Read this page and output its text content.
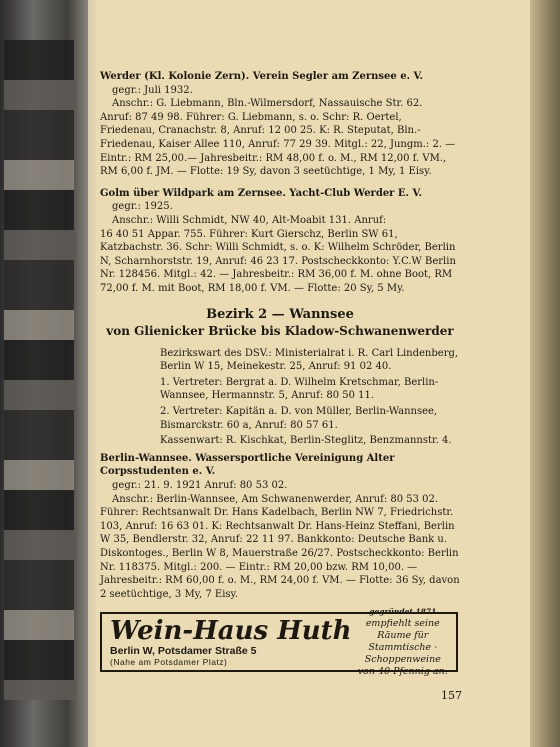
Werder (Kl. Kolonie Zern). Verein Segler am Zernsee e. V.

gegr.: Juli 1932.

Anschr.: G. Liebmann, Bln.-Wilmersdorf, Nassauische Str. 62.

Anruf: 87 49 98. Führer: G. Liebmann, s. o. Schr: R. Oertel, Friedenau, Cranachstr. 8, Anruf: 12 00 25. K: R. Steputat, Bln.-Friedenau, Kaiser Allee 110, Anruf: 77 29 39. Mitgl.: 22, Jungm.: 2. — Eintr.: RM 25,00.— Jahresbeitr.: RM 48,00 f. o. M., RM 12,00 f. VM., RM 6,00 f. JM. — Flotte: 19 Sy, davon 3 seetüchtige, 1 My, 1 Eisy.

Golm über Wildpark am Zernsee. Yacht-Club Werder E. V.

gegr.: 1925.

Anschr.: Willi Schmidt, NW 40, Alt-Moabit 131. Anruf:

16 40 51 Appar. 755. Führer: Kurt Gierschz, Berlin SW 61, Katzbachstr. 36. Schr: Willi Schmidt, s. o. K: Wilhelm Schröder, Berlin N, Scharnhorststr. 19, Anruf: 46 23 17. Postscheckkonto: Y.C.W Berlin Nr. 128456. Mitgl.: 42. — Jahresbeitr.: RM 36,00 f. M. ohne Boot, RM 72,00 f. M. mit Boot, RM 18,00 f. VM. — Flotte: 20 Sy, 5 My.

Bezirk 2 — Wannsee
von Glienicker Brücke bis Kladow-Schwanenwerder

Bezirkswart des DSV.: Ministerialrat i. R. Carl Lindenberg, Berlin W 15, Meinekestr. 25, Anruf: 91 02 40.

1. Vertreter: Bergrat a. D. Wilhelm Kretschmar, Berlin-Wannsee, Hermannstr. 5, Anruf: 80 50 11.

2. Vertreter: Kapitän a. D. von Müller, Berlin-Wannsee, Bismarckstr. 60 a, Anruf: 80 57 61.

Kassenwart: R. Kischkat, Berlin-Steglitz, Benzmannstr. 4.

Berlin-Wannsee. Wassersportliche Vereinigung Alter Corpsstudenten e. V.

gegr.: 21. 9. 1921 Anruf: 80 53 02.

Anschr.: Berlin-Wannsee, Am Schwanenwerder, Anruf: 80 53 02.

Führer: Rechtsanwalt Dr. Hans Kadelbach, Berlin NW 7, Friedrichstr. 103, Anruf: 16 63 01. K: Rechtsanwalt Dr. Hans-Heinz Steffani, Berlin W 35, Bendlerstr. 32, Anruf: 22 11 97. Bankkonto: Deutsche Bank u. Diskontoges., Berlin W 8, Mauerstraße 26/27. Postscheckkonto: Berlin Nr. 118375. Mitgl.: 200. — Eintr.: RM 20,00 bzw. RM 10,00. — Jahresbeitr.: RM 60,00 f. o. M., RM 24,00 f. VM. — Flotte: 36 Sy, davon 2 seetüchtige, 3 My, 7 Eisy.

Wein-Haus Huth
Berlin W, Potsdamer Straße 5
(Nahe am Potsdamer Platz)
gegründet 1871
empfiehlt seine Räume für Stammtische · Schoppenweine von 40 Pfennig an.
157
